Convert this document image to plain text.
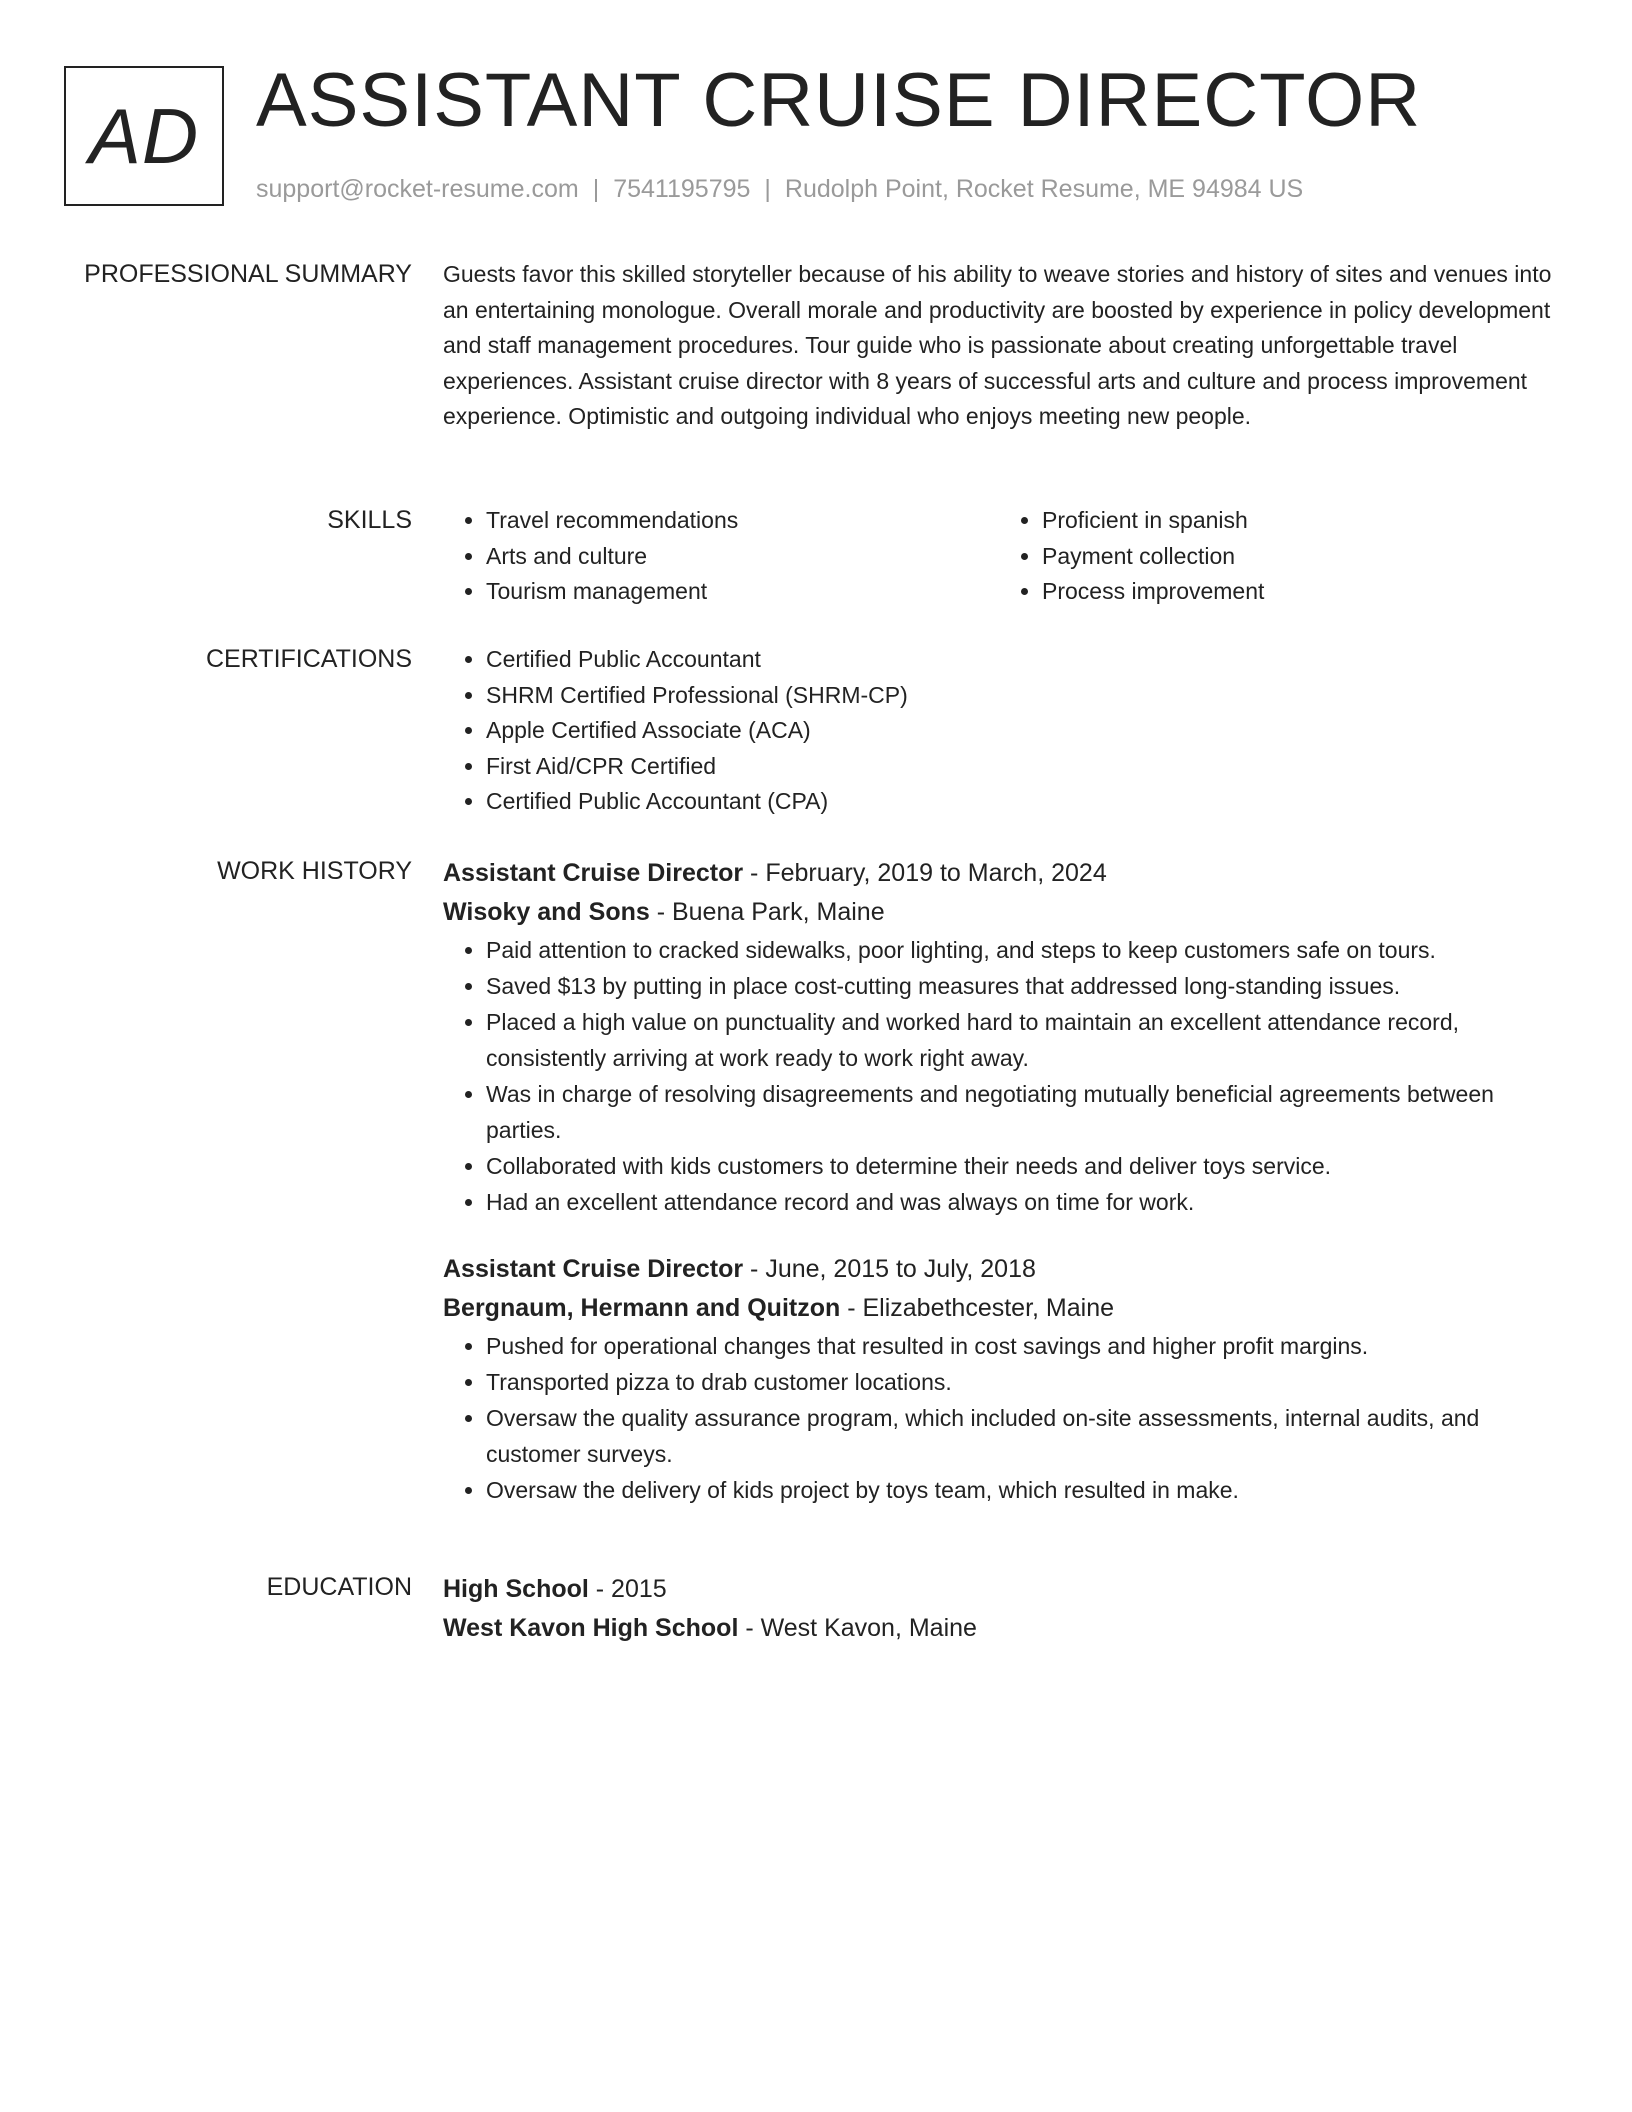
AD ASSISTANT CRUISE DIRECTOR
support@rocket-resume.com | 7541195795 | Rudolph Point, Rocket Resume, ME 94984 US
PROFESSIONAL SUMMARY Guests favor this skilled storyteller because of his ability to weave stories and history of sites and venues into an entertaining monologue. Overall morale and productivity are boosted by experience in policy development and staff management procedures. Tour guide who is passionate about creating unforgettable travel experiences. Assistant cruise director with 8 years of successful arts and culture and process improvement experience. Optimistic and outgoing individual who enjoys meeting new people.

SKILLS	• Travel recommendations
• Arts and culture
• Tourism management
• Proficient in spanish
• Payment collection
• Process improvement
CERTIFICATIONS	• Certified Public Accountant
• SHRM Certified Professional (SHRM-CP)
• Apple Certified Associate (ACA)
• First Aid/CPR Certified
• Certified Public Accountant (CPA)
WORK HISTORY Assistant Cruise Director - February, 2019 to March, 2024
Wisoky and Sons - Buena Park, Maine
• Paid attention to cracked sidewalks, poor lighting, and steps to keep customers safe on tours.
• Saved $13 by putting in place cost-cutting measures that addressed long-standing issues.
• Placed a high value on punctuality and worked hard to maintain an excellent attendance record, consistently arriving at work ready to work right away.
• Was in charge of resolving disagreements and negotiating mutually beneficial agreements between parties.
• Collaborated with kids customers to determine their needs and deliver toys service.
• Had an excellent attendance record and was always on time for work.
Assistant Cruise Director - June, 2015 to July, 2018
Bergnaum, Hermann and Quitzon - Elizabethcester, Maine
• Pushed for operational changes that resulted in cost savings and higher profit margins.
• Transported pizza to drab customer locations.
• Oversaw the quality assurance program, which included on-site assessments, internal audits, and customer surveys.
• Oversaw the delivery of kids project by toys team, which resulted in make.
EDUCATION High School - 2015
West Kavon High School - West Kavon, Maine
